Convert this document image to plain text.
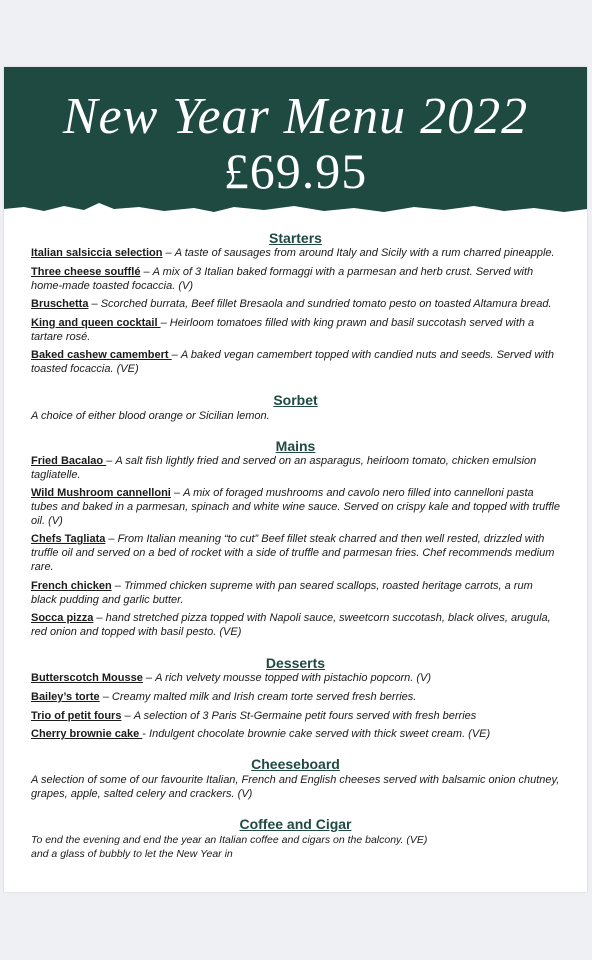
New Year Menu 2022
£69.95
Starters
Italian salsiccia selection – A taste of sausages from around Italy and Sicily with a rum charred pineapple.
Three cheese soufflé – A mix of 3 Italian baked formaggi with a parmesan and herb crust. Served with home-made toasted focaccia. (V)
Bruschetta – Scorched burrata, Beef fillet Bresaola and sundried tomato pesto on toasted Altamura bread.
King and queen cocktail – Heirloom tomatoes filled with king prawn and basil succotash served with a tartare rosé.
Baked cashew camembert – A baked vegan camembert topped with candied nuts and seeds. Served with toasted focaccia. (VE)
Sorbet
A choice of either blood orange or Sicilian lemon.
Mains
Fried Bacalao – A salt fish lightly fried and served on an asparagus, heirloom tomato, chicken emulsion tagliatelle.
Wild Mushroom cannelloni – A mix of foraged mushrooms and cavolo nero filled into cannelloni pasta tubes and baked in a parmesan, spinach and white wine sauce. Served on crispy kale and topped with truffle oil. (V)
Chefs Tagliata – From Italian meaning “to cut” Beef fillet steak charred and then well rested, drizzled with truffle oil and served on a bed of rocket with a side of truffle and parmesan fries. Chef recommends medium rare.
French chicken – Trimmed chicken supreme with pan seared scallops, roasted heritage carrots, a rum black pudding and garlic butter.
Socca pizza – hand stretched pizza topped with Napoli sauce, sweetcorn succotash, black olives, arugula, red onion and topped with basil pesto. (VE)
Desserts
Butterscotch Mousse – A rich velvety mousse topped with pistachio popcorn. (V)
Bailey’s torte – Creamy malted milk and Irish cream torte served fresh berries.
Trio of petit fours – A selection of 3 Paris St-Germaine petit fours served with fresh berries
Cherry brownie cake - Indulgent chocolate brownie cake served with thick sweet cream. (VE)
Cheeseboard
A selection of some of our favourite Italian, French and English cheeses served with balsamic onion chutney, grapes, apple, salted celery and crackers. (V)
Coffee and Cigar
To end the evening and end the year an Italian coffee and cigars on the balcony. (VE)
and a glass of bubbly to let the New Year in
